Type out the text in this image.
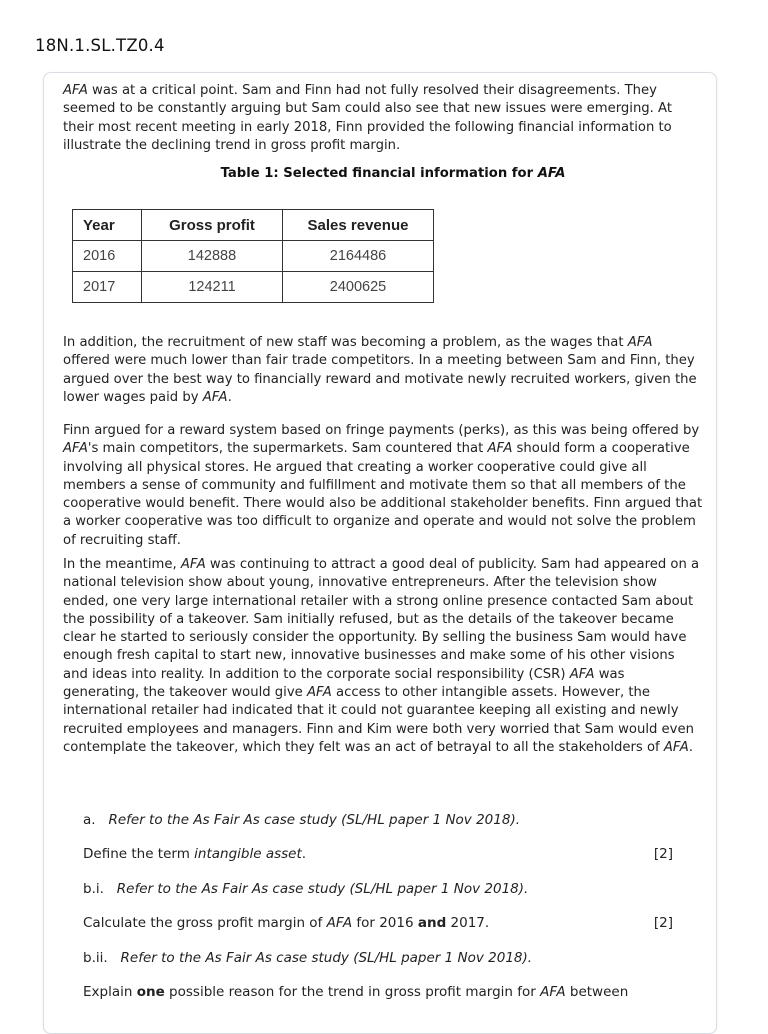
18N.1.SL.TZ0.4

AFA was at a critical point. Sam and Finn had not fully resolved their disagreements. They seemed to be constantly arguing but Sam could also see that new issues were emerging. At their most recent meeting in early 2018, Finn provided the following financial information to illustrate the declining trend in gross profit margin.

Table 1: Selected financial information for AFA
Year	Gross profit	Sales revenue
2016	142888	2164486
2017	124211	2400625

In addition, the recruitment of new staff was becoming a problem, as the wages that AFA offered were much lower than fair trade competitors. In a meeting between Sam and Finn, they argued over the best way to financially reward and motivate newly recruited workers, given the lower wages paid by AFA.

Finn argued for a reward system based on fringe payments (perks), as this was being offered by AFA's main competitors, the supermarkets. Sam countered that AFA should form a cooperative involving all physical stores. He argued that creating a worker cooperative could give all members a sense of community and fulfillment and motivate them so that all members of the cooperative would benefit. There would also be additional stakeholder benefits. Finn argued that a worker cooperative was too difficult to organize and operate and would not solve the problem of recruiting staff.

In the meantime, AFA was continuing to attract a good deal of publicity. Sam had appeared on a national television show about young, innovative entrepreneurs. After the television show ended, one very large international retailer with a strong online presence contacted Sam about the possibility of a takeover. Sam initially refused, but as the details of the takeover became clear he started to seriously consider the opportunity. By selling the business Sam would have enough fresh capital to start new, innovative businesses and make some of his other visions and ideas into reality. In addition to the corporate social responsibility (CSR) AFA was generating, the takeover would give AFA access to other intangible assets. However, the international retailer had indicated that it could not guarantee keeping all existing and newly recruited employees and managers. Finn and Kim were both very worried that Sam would even contemplate the takeover, which they felt was an act of betrayal to all the stakeholders of AFA.

a. Refer to the As Fair As case study (SL/HL paper 1 Nov 2018).
Define the term intangible asset.	[2]
b.i. Refer to the As Fair As case study (SL/HL paper 1 Nov 2018).
Calculate the gross profit margin of AFA for 2016 and 2017.	[2]
b.ii. Refer to the As Fair As case study (SL/HL paper 1 Nov 2018).
Explain one possible reason for the trend in gross profit margin for AFA between
